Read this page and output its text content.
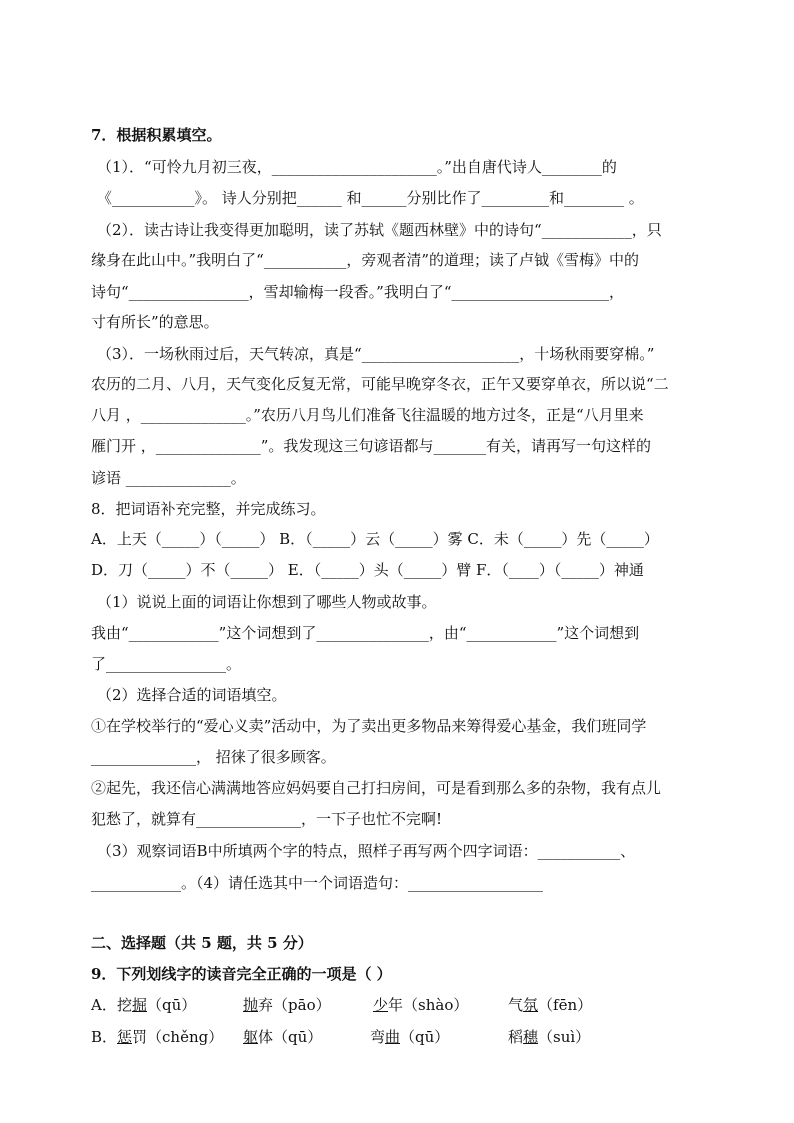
7．根据积累填空。
（1）．“可怜九月初三夜，______________________。”出自唐代诗人________的
《___________》。 诗人分别把______ 和______分别比作了_________和________ 。
（2）．读古诗让我变得更加聪明，读了苏轼《题西林壁》中的诗句“____________，只
缘身在此山中。”我明白了“___________，旁观者清”的道理；读了卢钺《雪梅》中的
诗句“________________，雪却输梅一段香。”我明白了“_____________________，
寸有所长”的意思。
（3）．一场秋雨过后，天气转凉，真是“_____________________，十场秋雨要穿棉。”
农历的二月、八月，天气变化反复无常，可能早晚穿冬衣，正午又要穿单衣，所以说“二
八月 ，______________。”农历八月鸟儿们准备飞往温暖的地方过冬，正是“八月里来
雁门开 ，______________”。我发现这三句谚语都与_______有关，请再写一句这样的
谚语 ______________。
8．把词语补充完整，并完成练习。
A．上天（_____）（_____） B．（_____）云（_____）雾 C．未（_____）先（_____）
D．刀（_____）不（_____） E．（_____）头（_____）臂 F．（____）（_____）神通
（1）说说上面的词语让你想到了哪些人物或故事。
我由“____________”这个词想到了_______________，由“____________”这个词想到
了________________。
（2）选择合适的词语填空。
①在学校举行的“爱心义卖”活动中，为了卖出更多物品来筹得爱心基金，我们班同学
______________， 招徕了很多顾客。
②起先，我还信心满满地答应妈妈要自己打扫房间，可是看到那么多的杂物，我有点儿
犯愁了，就算有______________，一下子也忙不完啊!
（3）观察词语B中所填两个字的特点，照样子再写两个四字词语：___________、
____________。（4）请任选其中一个词语造句：__________________
二、选择题（共 5 题，共 5 分）
9．下列划线字的读音完全正确的一项是（ ）
A． 挖掘（qū）	抛弃（pāo）	少年（shào）	气氛（fēn）
B． 惩罚（chěng） 躯体（qū）	弯曲（qū）	稻穗（suì）
